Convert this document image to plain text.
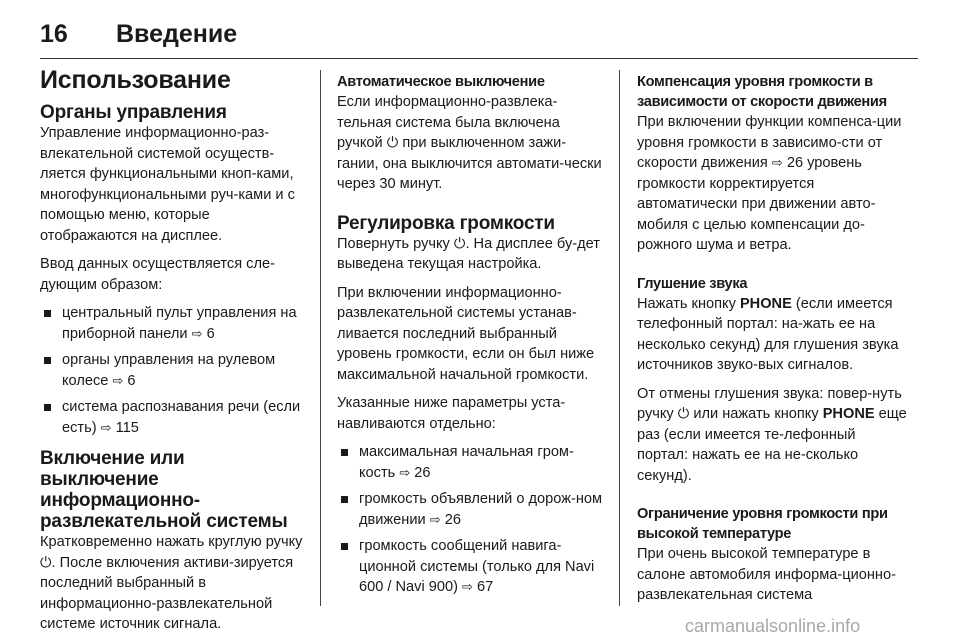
16	Введение
Использование
Органы управления

Управление информационно-раз-влекательной системой осуществ-ляется функциональными кноп-ками, многофункциональными руч-ками и с помощью меню, которые отображаются на дисплее.

Ввод данных осуществляется сле-дующим образом:

центральный пульт управления на приборной панели ⇨ 6
органы управления на рулевом колесе ⇨ 6
система распознавания речи (если есть) ⇨ 115
Включение или выключение информационно-развлекательной системы

Кратковременно нажать круглую ручку ⏻. После включения активи-зируется последний выбранный в информационно-развлекательной системе источник сигнала.

Автоматическое выключение

Если информационно-развлека-тельная система была включена ручкой ⏻ при выключенном зажи-гании, она выключится автомати-чески через 30 минут.

Регулировка громкости

Повернуть ручку ⏻. На дисплее бу-дет выведена текущая настройка.

При включении информационно-развлекательной системы устанав-ливается последний выбранный уровень громкости, если он был ниже максимальной начальной громкости.

Указанные ниже параметры уста-навливаются отдельно:

максимальная начальная гром-кость ⇨ 26
громкость объявлений о дорож-ном движении ⇨ 26
громкость сообщений навига-ционной системы (только для Navi 600 / Navi 900) ⇨ 67
Компенсация уровня громкости в зависимости от скорости движения

При включении функции компенса-ции уровня громкости в зависимо-сти от скорости движения ⇨ 26 уровень громкости корректируется автоматически при движении авто-мобиля с целью компенсации до-рожного шума и ветра.

Глушение звука

Нажать кнопку PHONE (если имеется телефонный портал: на-жать ее на несколько секунд) для глушения звука источников звуко-вых сигналов.

От отмены глушения звука: повер-нуть ручку ⏻ или нажать кнопку PHONE еще раз (если имеется те-лефонный портал: нажать ее на не-сколько секунд).

Ограничение уровня громкости при высокой температуре

При очень высокой температуре в салоне автомобиля информа-ционно-развлекательная система

carmanualsonline.info
